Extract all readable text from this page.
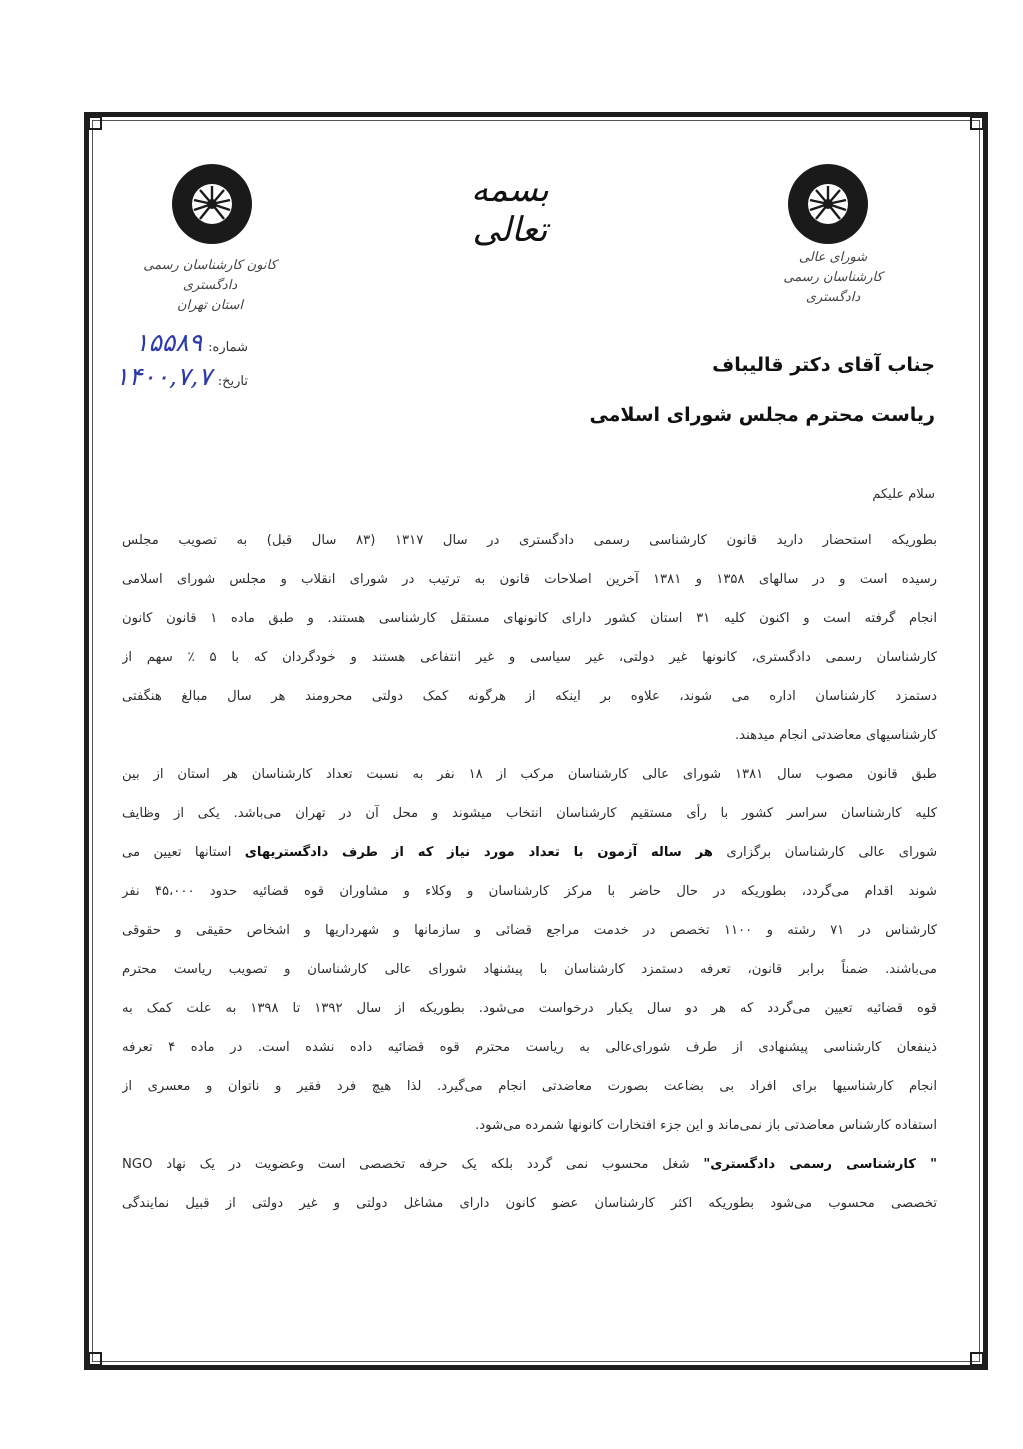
کانون کارشناسان رسمی دادگستری
استان تهران
بسمه تعالی
شورای عالی
کارشناسان رسمی دادگستری
شماره:
۱۵۵۸۹
تاریخ:
۱۴۰۰,۷,۷	جناب آقای دکتر قالیباف
ریاست محترم مجلس شورای اسلامی
سلام علیکم
بطوریکه استحضار دارید قانون کارشناسی رسمی دادگستری در سال ۱۳۱۷ (۸۳ سال قبل) به تصویب مجلس
رسیده است و در سالهای ۱۳۵۸ و ۱۳۸۱ آخرین اصلاحات قانون به ترتیب در شورای انقلاب و مجلس شورای اسلامی
انجام گرفته است و اکنون کلیه ۳۱ استان کشور دارای کانونهای مستقل کارشناسی هستند. و طبق ماده ۱ قانون کانون
کارشناسان رسمی دادگستری، کانونها غیر دولتی، غیر سیاسی و غیر انتفاعی هستند و خودگردان که با ۵ ٪ سهم از
دستمزد کارشناسان اداره می شوند، علاوه بر اینکه از هرگونه کمک دولتی محرومند هر سال مبالغ هنگفتی
کارشناسیهای معاضدتی انجام میدهند.
طبق قانون مصوب سال ۱۳۸۱ شورای عالی کارشناسان مرکب از ۱۸ نفر به نسبت تعداد کارشناسان هر استان از بین
کلیه کارشناسان سراسر کشور با رأی مستقیم کارشناسان انتخاب میشوند و محل آن در تهران می‌باشد. یکی از وظایف
شورای عالی کارشناسان برگزاری هر ساله آزمون با تعداد مورد نیاز که از طرف دادگستریهای استانها تعیین می
شوند اقدام می‌گردد، بطوریکه در حال حاضر با مرکز کارشناسان و وکلاء و مشاوران قوه قضائیه حدود ۴۵،۰۰۰ نفر
کارشناس در ۷۱ رشته و ۱۱۰۰ تخصص در خدمت مراجع قضائی و سازمانها و شهرداریها و اشخاص حقیقی و حقوقی
می‌باشند. ضمناً برابر قانون، تعرفه دستمزد کارشناسان با پیشنهاد شورای عالی کارشناسان و تصویب ریاست محترم
قوه قضائیه تعیین می‌گردد که هر دو سال یکبار درخواست می‌شود. بطوریکه از سال ۱۳۹۲ تا ۱۳۹۸ به علت کمک به
ذینفعان کارشناسی پیشنهادی از طرف شورای‌عالی به ریاست محترم قوه قضائیه داده نشده است. در ماده ۴ تعرفه
انجام کارشناسیها برای افراد بی بضاعت بصورت معاضدتی انجام می‌گیرد. لذا هیچ فرد فقیر و ناتوان و معسری از
استفاده کارشناس معاضدتی باز نمی‌ماند و این جزء افتخارات کانونها شمرده می‌شود.
" کارشناسی رسمی دادگستری" شغل محسوب نمی گردد بلکه یک حرفه تخصصی است وعضویت در یک نهاد NGO
تخصصی محسوب می‌شود بطوریکه اکثر کارشناسان عضو کانون دارای مشاغل دولتی و غیر دولتی از قبیل نمایندگی
